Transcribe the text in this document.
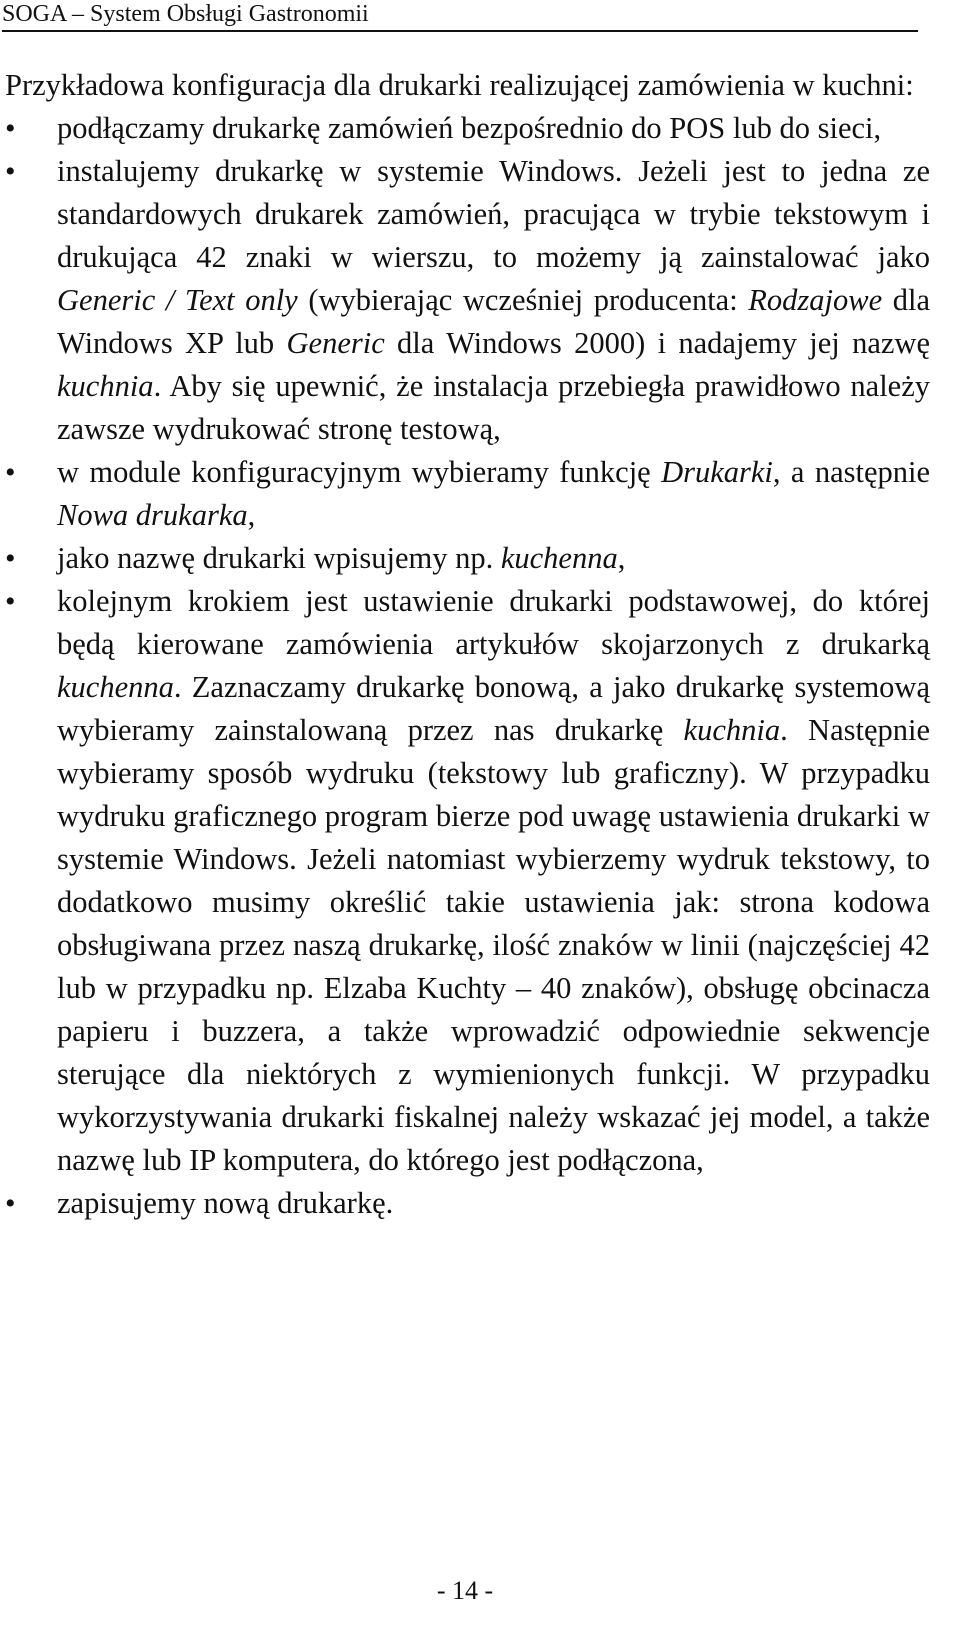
SOGA – System Obsługi Gastronomii

Przykładowa konfiguracja dla drukarki realizującej zamówienia w kuchni:

•	podłączamy drukarkę zamówień bezpośrednio do POS lub do sieci,
•	instalujemy drukarkę w systemie Windows. Jeżeli jest to jedna ze standardowych drukarek zamówień, pracująca w trybie tekstowym i drukująca 42 znaki w wierszu, to możemy ją zainstalować jako Generic / Text only (wybierając wcześniej producenta: Rodzajowe dla Windows XP lub Generic dla Windows 2000) i nadajemy jej nazwę kuchnia. Aby się upewnić, że instalacja przebiegła prawidłowo należy zawsze wydrukować stronę testową,
•	w module konfiguracyjnym wybieramy funkcję Drukarki, a następnie Nowa drukarka,
•	jako nazwę drukarki wpisujemy np. kuchenna,
•	kolejnym krokiem jest ustawienie drukarki podstawowej, do której będą kierowane zamówienia artykułów skojarzonych z drukarką kuchenna. Zaznaczamy drukarkę bonową, a jako drukarkę systemową wybieramy zainstalowaną przez nas drukarkę kuchnia. Następnie wybieramy sposób wydruku (tekstowy lub graficzny). W przypadku wydruku graficznego program bierze pod uwagę ustawienia drukarki w systemie Windows. Jeżeli natomiast wybierzemy wydruk tekstowy, to dodatkowo musimy określić takie ustawienia jak: strona kodowa obsługiwana przez naszą drukarkę, ilość znaków w linii (najczęściej 42 lub w przypadku np. Elzaba Kuchty – 40 znaków), obsługę obcinacza papieru i buzzera, a także wprowadzić odpowiednie sekwencje sterujące dla niektórych z wymienionych funkcji. W przypadku wykorzystywania drukarki fiskalnej należy wskazać jej model, a także nazwę lub IP komputera, do którego jest podłączona,
•	zapisujemy nową drukarkę.
- 14 -
